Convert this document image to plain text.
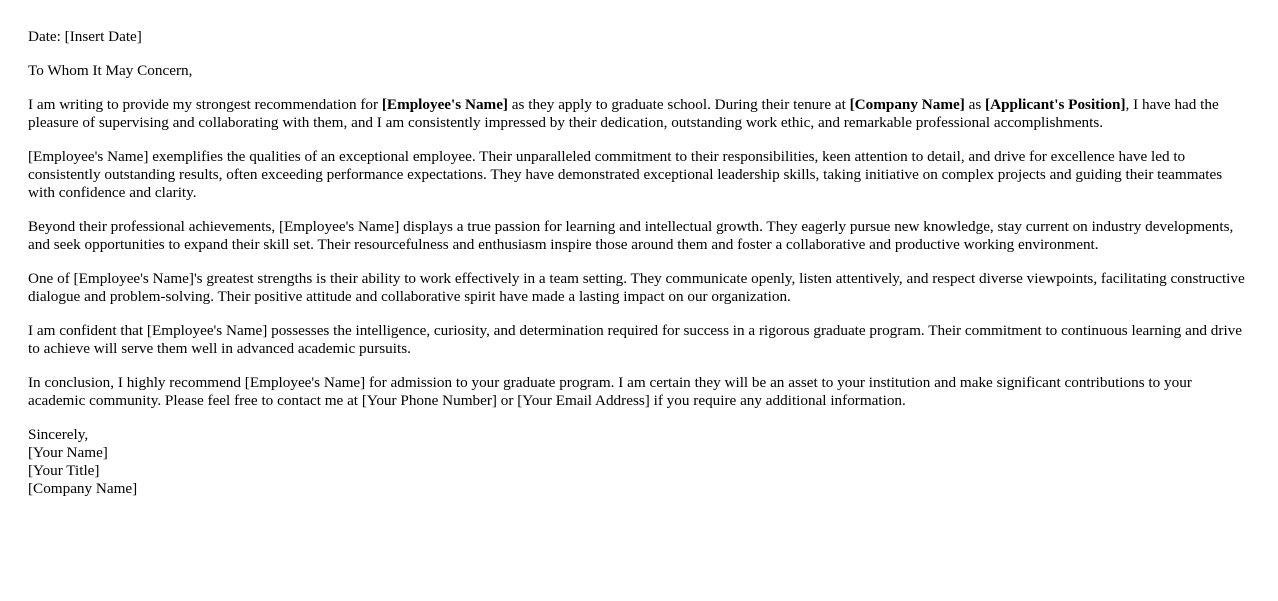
Date: [Insert Date]

To Whom It May Concern,

I am writing to provide my strongest recommendation for [Employee's Name] as they apply to graduate school. During their tenure at [Company Name] as [Applicant's Position], I have had the pleasure of supervising and collaborating with them, and I am consistently impressed by their dedication, outstanding work ethic, and remarkable professional accomplishments.

[Employee's Name] exemplifies the qualities of an exceptional employee. Their unparalleled commitment to their responsibilities, keen attention to detail, and drive for excellence have led to consistently outstanding results, often exceeding performance expectations. They have demonstrated exceptional leadership skills, taking initiative on complex projects and guiding their teammates with confidence and clarity.

Beyond their professional achievements, [Employee's Name] displays a true passion for learning and intellectual growth. They eagerly pursue new knowledge, stay current on industry developments, and seek opportunities to expand their skill set. Their resourcefulness and enthusiasm inspire those around them and foster a collaborative and productive working environment.

One of [Employee's Name]'s greatest strengths is their ability to work effectively in a team setting. They communicate openly, listen attentively, and respect diverse viewpoints, facilitating constructive dialogue and problem-solving. Their positive attitude and collaborative spirit have made a lasting impact on our organization.

I am confident that [Employee's Name] possesses the intelligence, curiosity, and determination required for success in a rigorous graduate program. Their commitment to continuous learning and drive to achieve will serve them well in advanced academic pursuits.

In conclusion, I highly recommend [Employee's Name] for admission to your graduate program. I am certain they will be an asset to your institution and make significant contributions to your academic community. Please feel free to contact me at [Your Phone Number] or [Your Email Address] if you require any additional information.

Sincerely,
[Your Name]
[Your Title]
[Company Name]
